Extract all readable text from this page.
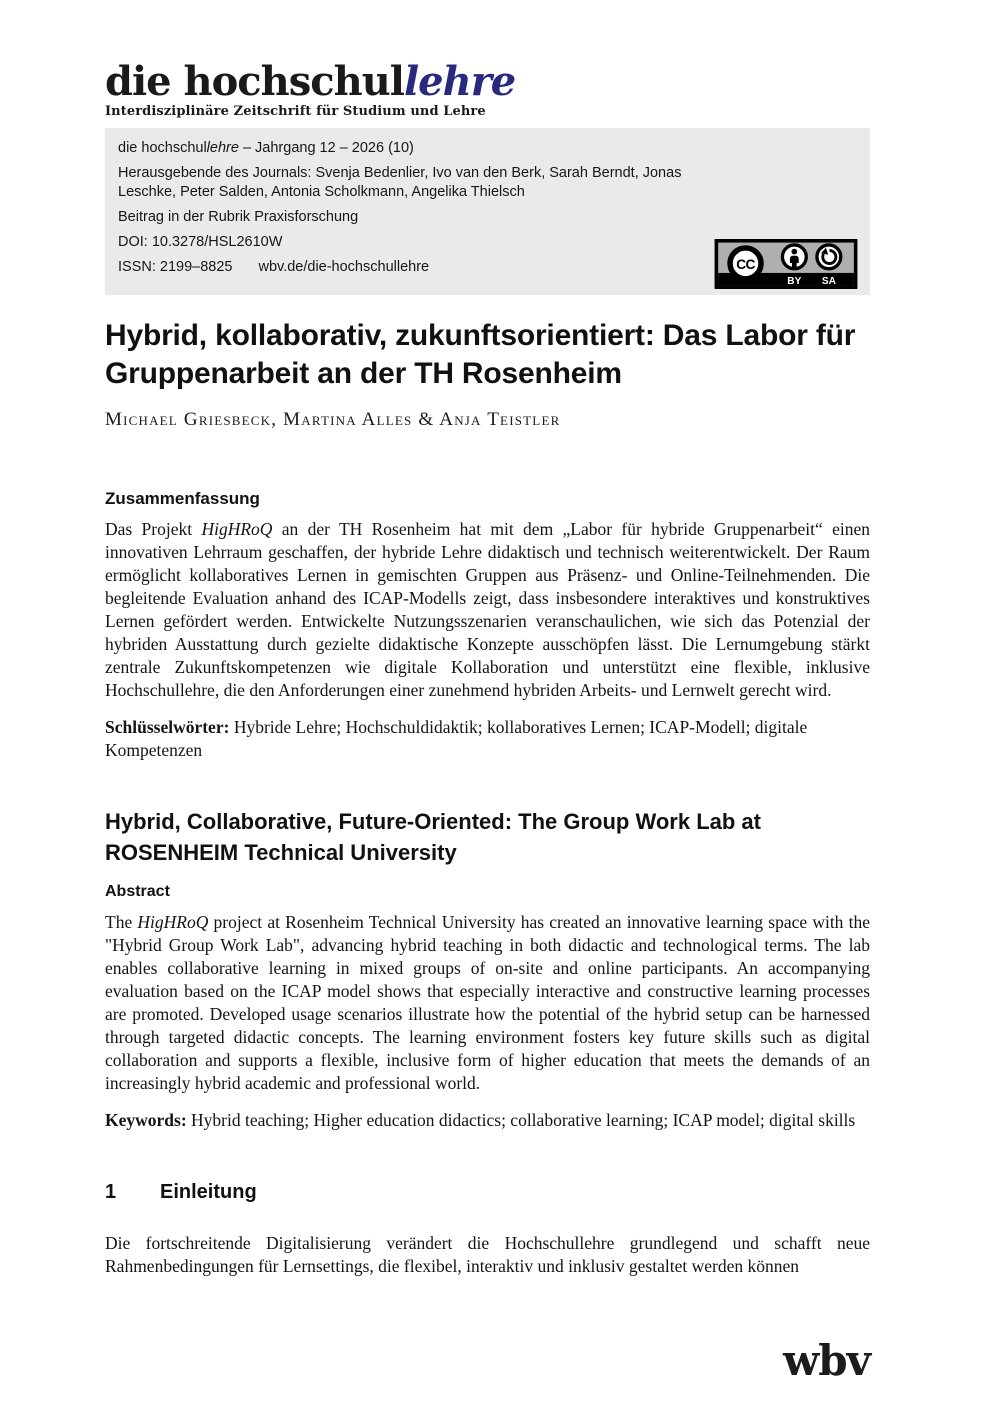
die hochschullehre
Interdisziplinäre Zeitschrift für Studium und Lehre

die hochschullehre – Jahrgang 12 – 2026 (10)

Herausgebende des Journals: Svenja Bedenlier, Ivo van den Berk, Sarah Berndt, Jonas Leschke, Peter Salden, Antonia Scholkmann, Angelika Thielsch

Beitrag in der Rubrik Praxisforschung

DOI: 10.3278/HSL2610W

ISSN: 2199–8825 wbv.de/die-hochschullehre	CC
BY SA
Hybrid, kollaborativ, zukunftsorientiert: Das Labor für Gruppenarbeit an der TH Rosenheim
Michael Griesbeck, Martina Alles & Anja Teistler
Zusammenfassung

Das Projekt HigHRoQ an der TH Rosenheim hat mit dem „Labor für hybride Gruppenarbeit“ einen innovativen Lehrraum geschaffen, der hybride Lehre didaktisch und technisch weiterentwickelt. Der Raum ermöglicht kollaboratives Lernen in gemischten Gruppen aus Präsenz- und Online-Teilnehmenden. Die begleitende Evaluation anhand des ICAP-Modells zeigt, dass insbesondere interaktives und konstruktives Lernen gefördert werden. Entwickelte Nutzungsszenarien veranschaulichen, wie sich das Potenzial der hybriden Ausstattung durch gezielte didaktische Konzepte ausschöpfen lässt. Die Lernumgebung stärkt zentrale Zukunftskompetenzen wie digitale Kollaboration und unterstützt eine flexible, inklusive Hochschullehre, die den Anforderungen einer zunehmend hybriden Arbeits- und Lernwelt gerecht wird.

Schlüsselwörter: Hybride Lehre; Hochschuldidaktik; kollaboratives Lernen; ICAP-Modell; digitale Kompetenzen

Hybrid, Collaborative, Future-Oriented: The Group Work Lab at ROSENHEIM Technical University
Abstract

The HigHRoQ project at Rosenheim Technical University has created an innovative learning space with the "Hybrid Group Work Lab", advancing hybrid teaching in both didactic and technological terms. The lab enables collaborative learning in mixed groups of on-site and online participants. An accompanying evaluation based on the ICAP model shows that especially interactive and constructive learning processes are promoted. Developed usage scenarios illustrate how the potential of the hybrid setup can be harnessed through targeted didactic concepts. The learning environment fosters key future skills such as digital collaboration and supports a flexible, inclusive form of higher education that meets the demands of an increasingly hybrid academic and professional world.

Keywords: Hybrid teaching; Higher education didactics; collaborative learning; ICAP model; digital skills

1 Einleitung

Die fortschreitende Digitalisierung verändert die Hochschullehre grundlegend und schafft neue Rahmenbedingungen für Lernsettings, die flexibel, interaktiv und inklusiv gestaltet werden können

wbv
